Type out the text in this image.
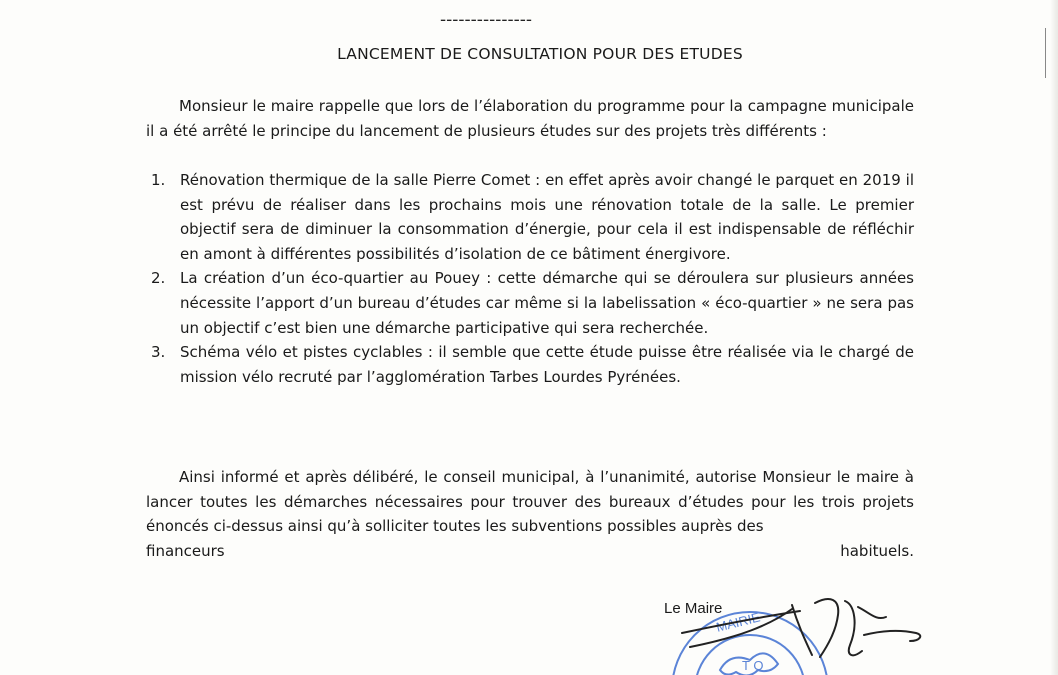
---------------
LANCEMENT DE CONSULTATION POUR DES ETUDES
Monsieur le maire rappelle que lors de l’élaboration du programme pour la campagne municipale il a été arrêté le principe du lancement de plusieurs études sur des projets très différents :
1. Rénovation thermique de la salle Pierre Comet : en effet après avoir changé le parquet en 2019 il est prévu de réaliser dans les prochains mois une rénovation totale de la salle. Le premier objectif sera de diminuer la consommation d’énergie, pour cela il est indispensable de réfléchir en amont à différentes possibilités d’isolation de ce bâtiment énergivore.
2. La création d’un éco-quartier au Pouey : cette démarche qui se déroulera sur plusieurs années nécessite l’apport d’un bureau d’études car même si la labelissation « éco-quartier » ne sera pas un objectif c’est bien une démarche participative qui sera recherchée.
3. Schéma vélo et pistes cyclables : il semble que cette étude puisse être réalisée via le chargé de mission vélo recruté par l’agglomération Tarbes Lourdes Pyrénées.
Ainsi informé et après délibéré, le conseil municipal, à l’unanimité, autorise Monsieur le maire à lancer toutes les démarches nécessaires pour trouver des bureaux d’études pour les trois projets énoncés ci-dessus ainsi qu’à solliciter toutes les subventions possibles auprès des
financeurs	habituels.
MAIRIE
T O
Le Maire
